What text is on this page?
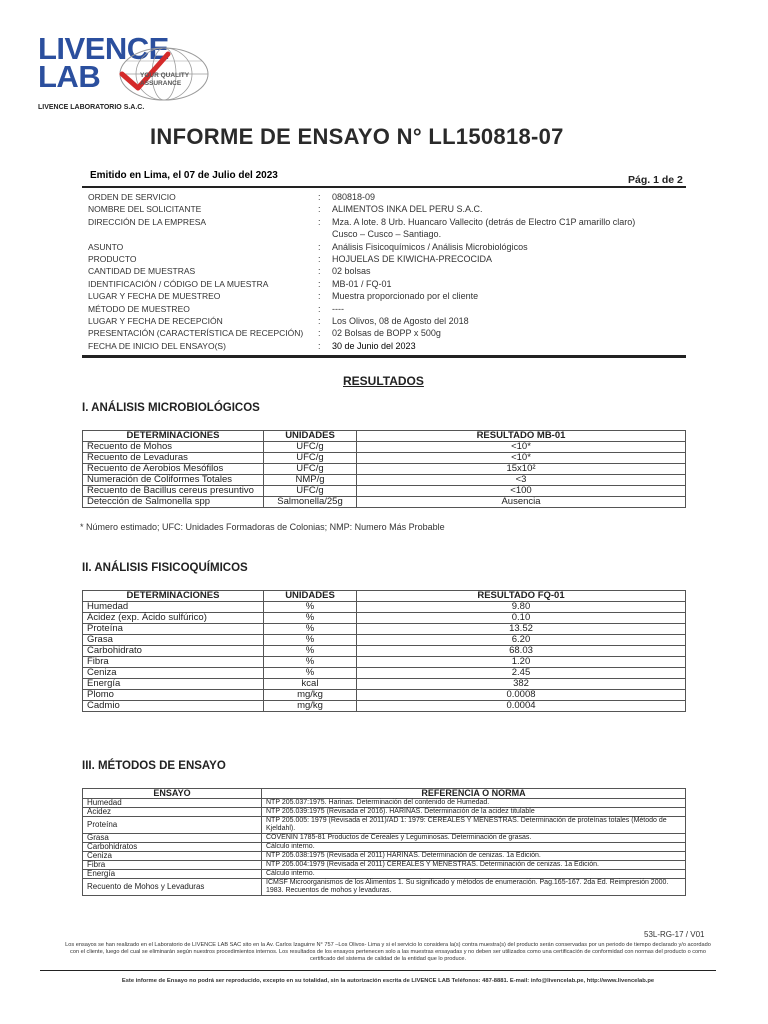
LIVENCE
LAB	YOUR QUALITY
ASSURANCE
LIVENCE LABORATORIO S.A.C.
INFORME DE ENSAYO N° LL150818-07
Emitido en Lima, el 07 de Julio del 2023	Pág. 1 de 2
ORDEN DE SERVICIO	:	080818-09
NOMBRE DEL SOLICITANTE	:	ALIMENTOS INKA DEL PERU S.A.C.
DIRECCIÓN DE LA EMPRESA	:	Mza. A lote. 8 Urb. Huancaro Vallecito (detrás de Electro C1P amarillo claro)
Cusco – Cusco – Santiago.
ASUNTO	:	Análisis Fisicoquímicos / Análisis Microbiológicos
PRODUCTO	:	HOJUELAS DE KIWICHA-PRECOCIDA
CANTIDAD DE MUESTRAS	:	02 bolsas
IDENTIFICACIÓN / CÓDIGO DE LA MUESTRA	:	MB-01 / FQ-01
LUGAR Y FECHA DE MUESTREO	:	Muestra proporcionado por el cliente
MÉTODO DE MUESTREO	:	----
LUGAR Y FECHA DE RECEPCIÓN	:	Los Olivos, 08 de Agosto del 2018
PRESENTACIÓN (CARACTERÍSTICA DE RECEPCIÓN)	:	02 Bolsas de BOPP x 500g
FECHA DE INICIO DEL ENSAYO(S)	:	30 de Junio del 2023
RESULTADOS
I. ANÁLISIS MICROBIOLÓGICOS
DETERMINACIONES	UNIDADES	RESULTADO MB-01
Recuento de Mohos	UFC/g	<10*
Recuento de Levaduras	UFC/g	<10*
Recuento de Aerobios Mesófilos	UFC/g	15x10²
Numeración de Coliformes Totales	NMP/g	<3
Recuento de Bacillus cereus presuntivo	UFC/g	<100
Detección de Salmonella spp	Salmonella/25g	Ausencia
* Número estimado; UFC: Unidades Formadoras de Colonias; NMP: Numero Más Probable
II. ANÁLISIS FISICOQUÍMICOS
DETERMINACIONES	UNIDADES	RESULTADO FQ-01
Humedad	%	9.80
Acidez (exp. Ácido sulfúrico)	%	0.10
Proteína	%	13.52
Grasa	%	6.20
Carbohidrato	%	68.03
Fibra	%	1.20
Ceniza	%	2.45
Energía	kcal	382
Plomo	mg/kg	0.0008
Cadmio	mg/kg	0.0004
III. MÉTODOS DE ENSAYO
ENSAYO	REFERENCIA O NORMA
Humedad	NTP 205.037:1975. Harinas. Determinación del contenido de Humedad.
Acidez	NTP 205.039:1975 (Revisada el 2016). HARINAS. Determinación de la acidez titulable
Proteína	NTP 205.005: 1979 (Revisada el 2011)/AD 1: 1979: CEREALES Y MENESTRAS. Determinación de proteínas totales (Método de Kjeldahl).
Grasa	COVENIN 1785-81 Productos de Cereales y Leguminosas. Determinación de grasas.
Carbohidratos	Cálculo interno.
Ceniza	NTP 205.038:1975 (Revisada el 2011) HARINAS. Determinación de cenizas. 1a Edición.
Fibra	NTP 205.004:1979 (Revisada el 2011) CEREALES Y MENESTRAS. Determinación de cenizas. 1a Edición.
Energía	Cálculo interno.
Recuento de Mohos y Levaduras	ICMSF Microorganismos de los Alimentos 1. Su significado y métodos de enumeración. Pag.165-167. 2da Ed. Reimpresión 2000. 1983. Recuentos de mohos y levaduras.
53L-RG-17 / V01
Los ensayos se han realizado en el Laboratorio de LIVENCE LAB SAC sito en la Av. Carlos Izaguirre N° 757 –Los Olivos- Lima y si el servicio lo considera la(s) contra muestra(s) del producto serán conservadas por un periodo de tiempo declarado y/o acordado con el cliente, luego del cual se eliminarán según nuestros procedimientos internos. Los resultados de los ensayos pertenecen solo a las muestras ensayadas y no deben ser utilizados como una certificación de conformidad con normas del producto o como certificado del sistema de calidad de la entidad que lo produce.
Este informe de Ensayo no podrá ser reproducido, excepto en su totalidad, sin la autorización escrita de LIVENCE LAB Teléfonos: 487-8881. E-mail: info@livencelab.pe, http://www.livencelab.pe
